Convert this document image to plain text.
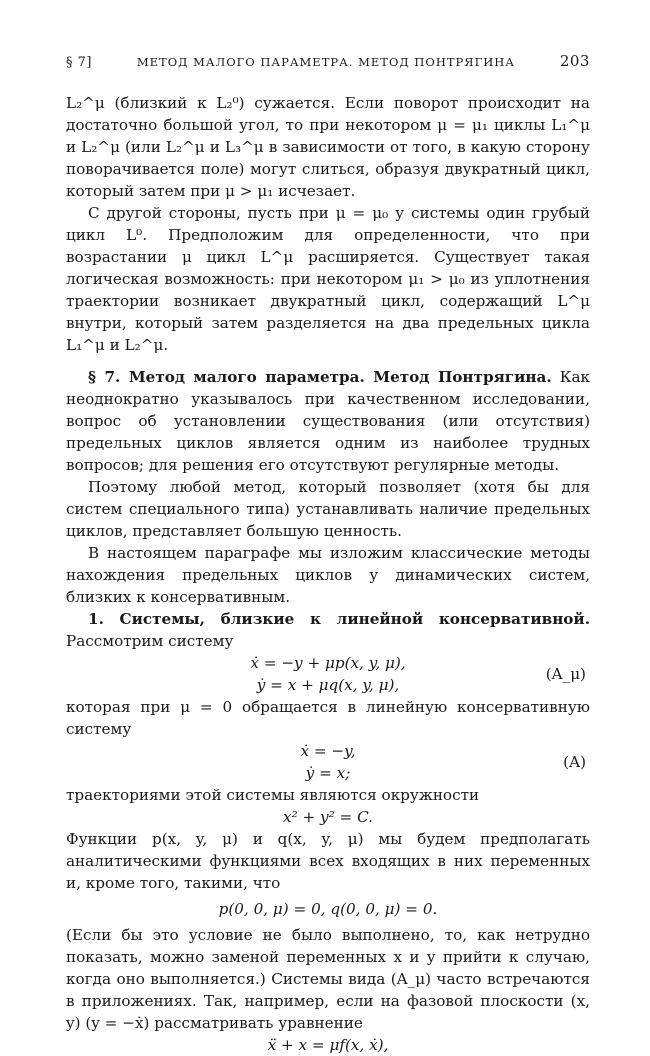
§ 7]	МЕТОД МАЛОГО ПАРАМЕТРА. МЕТОД ПОНТРЯГИНА	203

L₂^μ (близкий к L₂⁰) сужается. Если поворот происходит на достаточно большой угол, то при некотором μ = μ₁ циклы L₁^μ и L₂^μ (или L₂^μ и L₃^μ в зависимости от того, в какую сторону поворачивается поле) могут слиться, образуя двукратный цикл, который затем при μ > μ₁ исчезает.

С другой стороны, пусть при μ = μ₀ у системы один грубый цикл L⁰. Предположим для определенности, что при возрастании μ цикл L^μ расширяется. Существует такая логическая возможность: при некотором μ₁ > μ₀ из уплотнения траектории возникает двукратный цикл, содержащий L^μ внутри, который затем разделяется на два предельных цикла L₁^μ и L₂^μ.

§ 7. Метод малого параметра. Метод Понтрягина. Как неоднократно указывалось при качественном исследовании, вопрос об установлении существования (или отсутствия) предельных циклов является одним из наиболее трудных вопросов; для решения его отсутствуют регулярные методы.

Поэтому любой метод, который позволяет (хотя бы для систем специального типа) устанавливать наличие предельных циклов, представляет большую ценность.

В настоящем параграфе мы изложим классические методы нахождения предельных циклов у динамических систем, близких к консервативным.

1. Системы, близкие к линейной консервативной. Рассмотрим систему

ẋ = −y + μp(x, y, μ),
ẏ = x + μq(x, y, μ),
(A_μ)

которая при μ = 0 обращается в линейную консервативную систему

ẋ = −y,
ẏ = x;
(A)

траекториями этой системы являются окружности

x² + y² = C.

Функции p(x, y, μ) и q(x, y, μ) мы будем предполагать аналитическими функциями всех входящих в них переменных и, кроме того, такими, что

p(0, 0, μ) = 0, q(0, 0, μ) = 0.

(Если бы это условие не было выполнено, то, как нетрудно показать, можно заменой переменных x и y прийти к случаю, когда оно выполняется.) Системы вида (A_μ) часто встречаются в приложениях. Так, например, если на фазовой плоскости (x, y) (y = −ẋ) рассматривать уравнение

ẍ + x = μf(x, ẋ),
